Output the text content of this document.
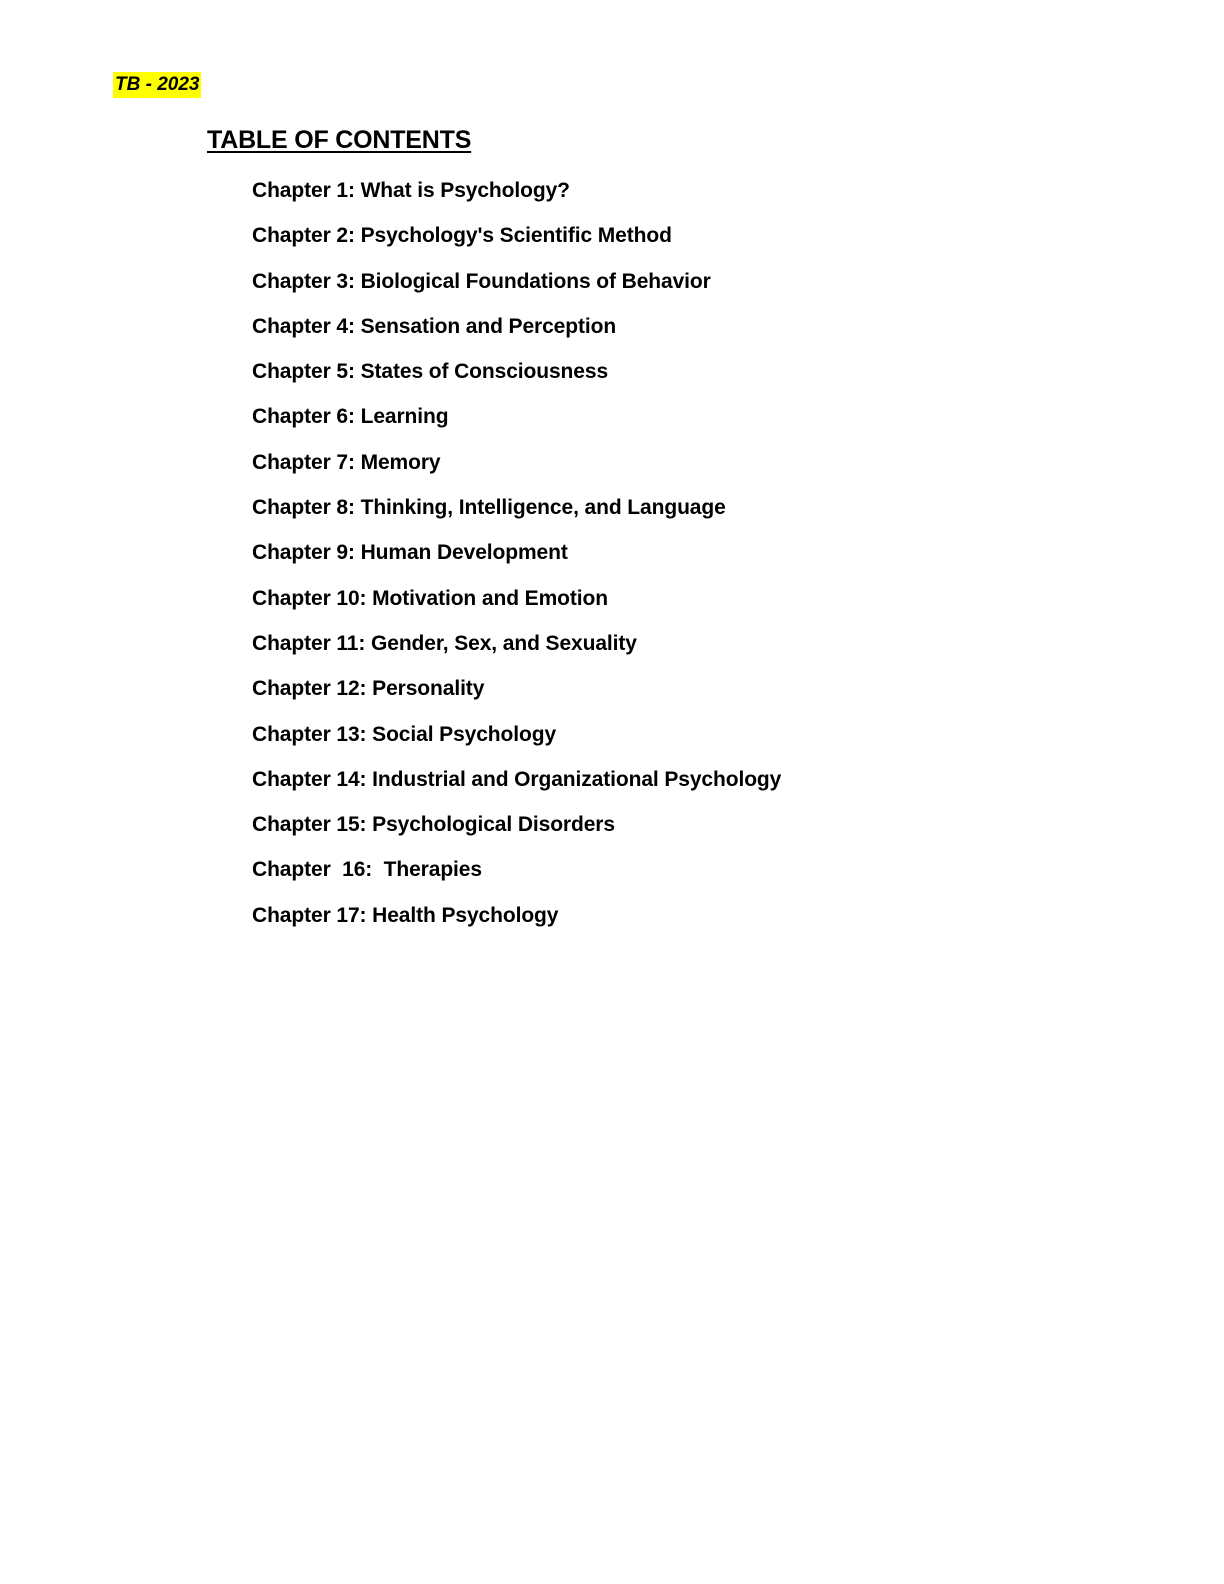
TB - 2023
TABLE OF CONTENTS
Chapter 1: What is Psychology?
Chapter 2: Psychology's Scientific Method
Chapter 3: Biological Foundations of Behavior
Chapter 4: Sensation and Perception
Chapter 5: States of Consciousness
Chapter 6: Learning
Chapter 7: Memory
Chapter 8: Thinking, Intelligence, and Language
Chapter 9: Human Development
Chapter 10: Motivation and Emotion
Chapter 11: Gender, Sex, and Sexuality
Chapter 12: Personality
Chapter 13: Social Psychology
Chapter 14: Industrial and Organizational Psychology
Chapter 15: Psychological Disorders
Chapter  16:  Therapies
Chapter 17: Health Psychology
